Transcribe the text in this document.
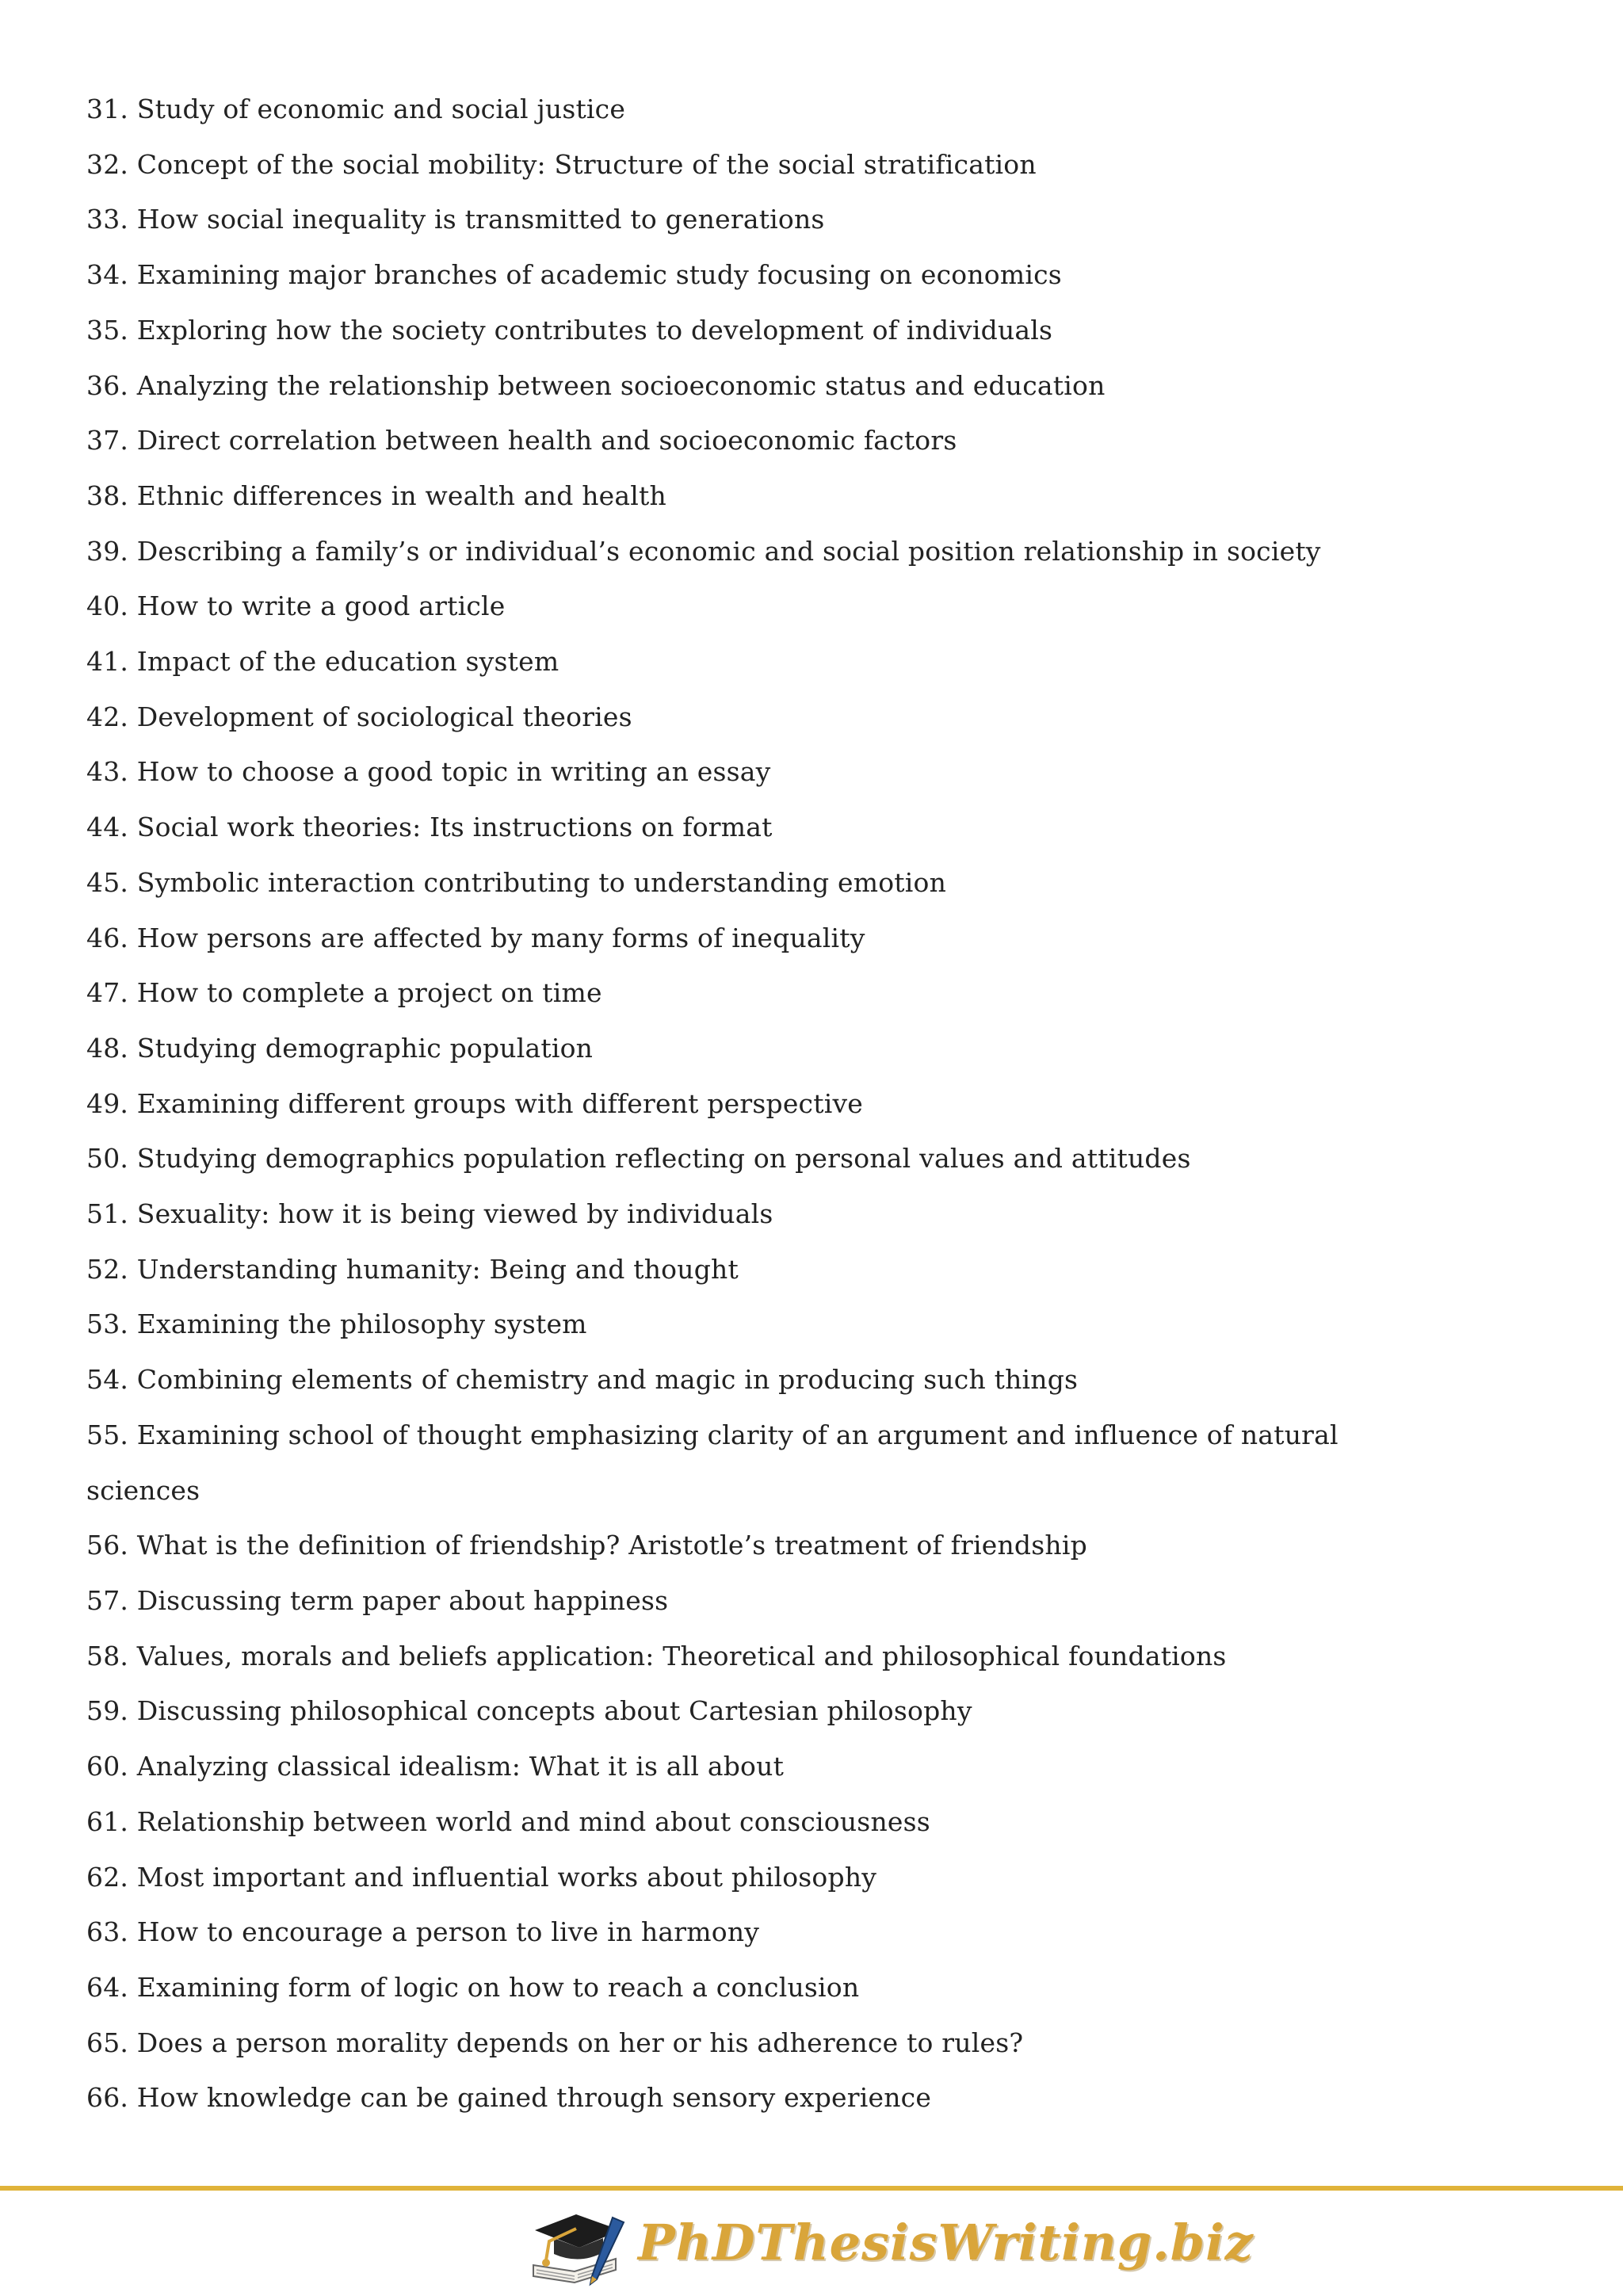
31. Study of economic and social justice
32. Concept of the social mobility: Structure of the social stratification
33. How social inequality is transmitted to generations
34. Examining major branches of academic study focusing on economics
35. Exploring how the society contributes to development of individuals
36. Analyzing the relationship between socioeconomic status and education
37. Direct correlation between health and socioeconomic factors
38. Ethnic differences in wealth and health
39. Describing a family’s or individual’s economic and social position relationship in society
40. How to write a good article
41. Impact of the education system
42. Development of sociological theories
43. How to choose a good topic in writing an essay
44. Social work theories: Its instructions on format
45. Symbolic interaction contributing to understanding emotion
46. How persons are affected by many forms of inequality
47. How to complete a project on time
48. Studying demographic population
49. Examining different groups with different perspective
50. Studying demographics population reflecting on personal values and attitudes
51. Sexuality: how it is being viewed by individuals
52. Understanding humanity: Being and thought
53. Examining the philosophy system
54. Combining elements of chemistry and magic in producing such things
55. Examining school of thought emphasizing clarity of an argument and influence of natural sciences
56. What is the definition of friendship? Aristotle’s treatment of friendship
57. Discussing term paper about happiness
58. Values, morals and beliefs application: Theoretical and philosophical foundations
59. Discussing philosophical concepts about Cartesian philosophy
60. Analyzing classical idealism: What it is all about
61. Relationship between world and mind about consciousness
62. Most important and influential works about philosophy
63. How to encourage a person to live in harmony
64. Examining form of logic on how to reach a conclusion
65. Does a person morality depends on her or his adherence to rules?
66. How knowledge can be gained through sensory experience
PhDThesisWriting.biz
